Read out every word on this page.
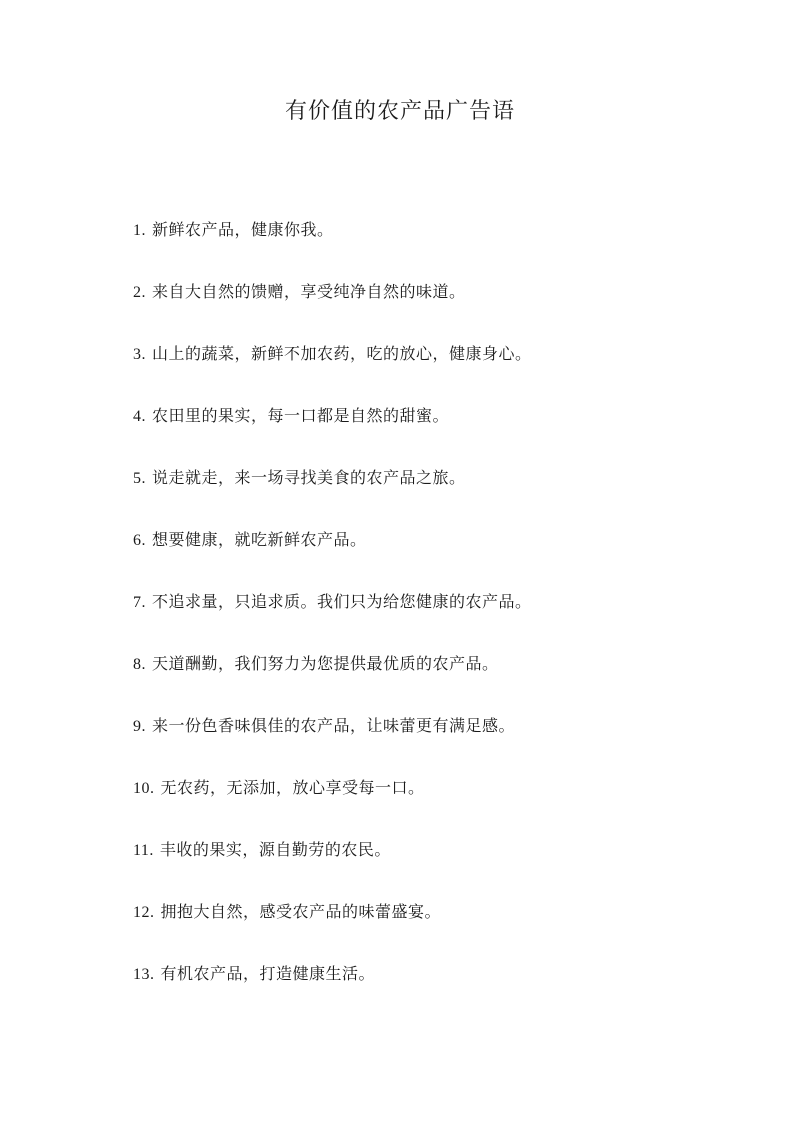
有价值的农产品广告语
1. 新鲜农产品，健康你我。
2. 来自大自然的馈赠，享受纯净自然的味道。
3. 山上的蔬菜，新鲜不加农药，吃的放心，健康身心。
4. 农田里的果实，每一口都是自然的甜蜜。
5. 说走就走，来一场寻找美食的农产品之旅。
6. 想要健康，就吃新鲜农产品。
7. 不追求量，只追求质。我们只为给您健康的农产品。
8. 天道酬勤，我们努力为您提供最优质的农产品。
9. 来一份色香味俱佳的农产品，让味蕾更有满足感。
10. 无农药，无添加，放心享受每一口。
11. 丰收的果实，源自勤劳的农民。
12. 拥抱大自然，感受农产品的味蕾盛宴。
13. 有机农产品，打造健康生活。
